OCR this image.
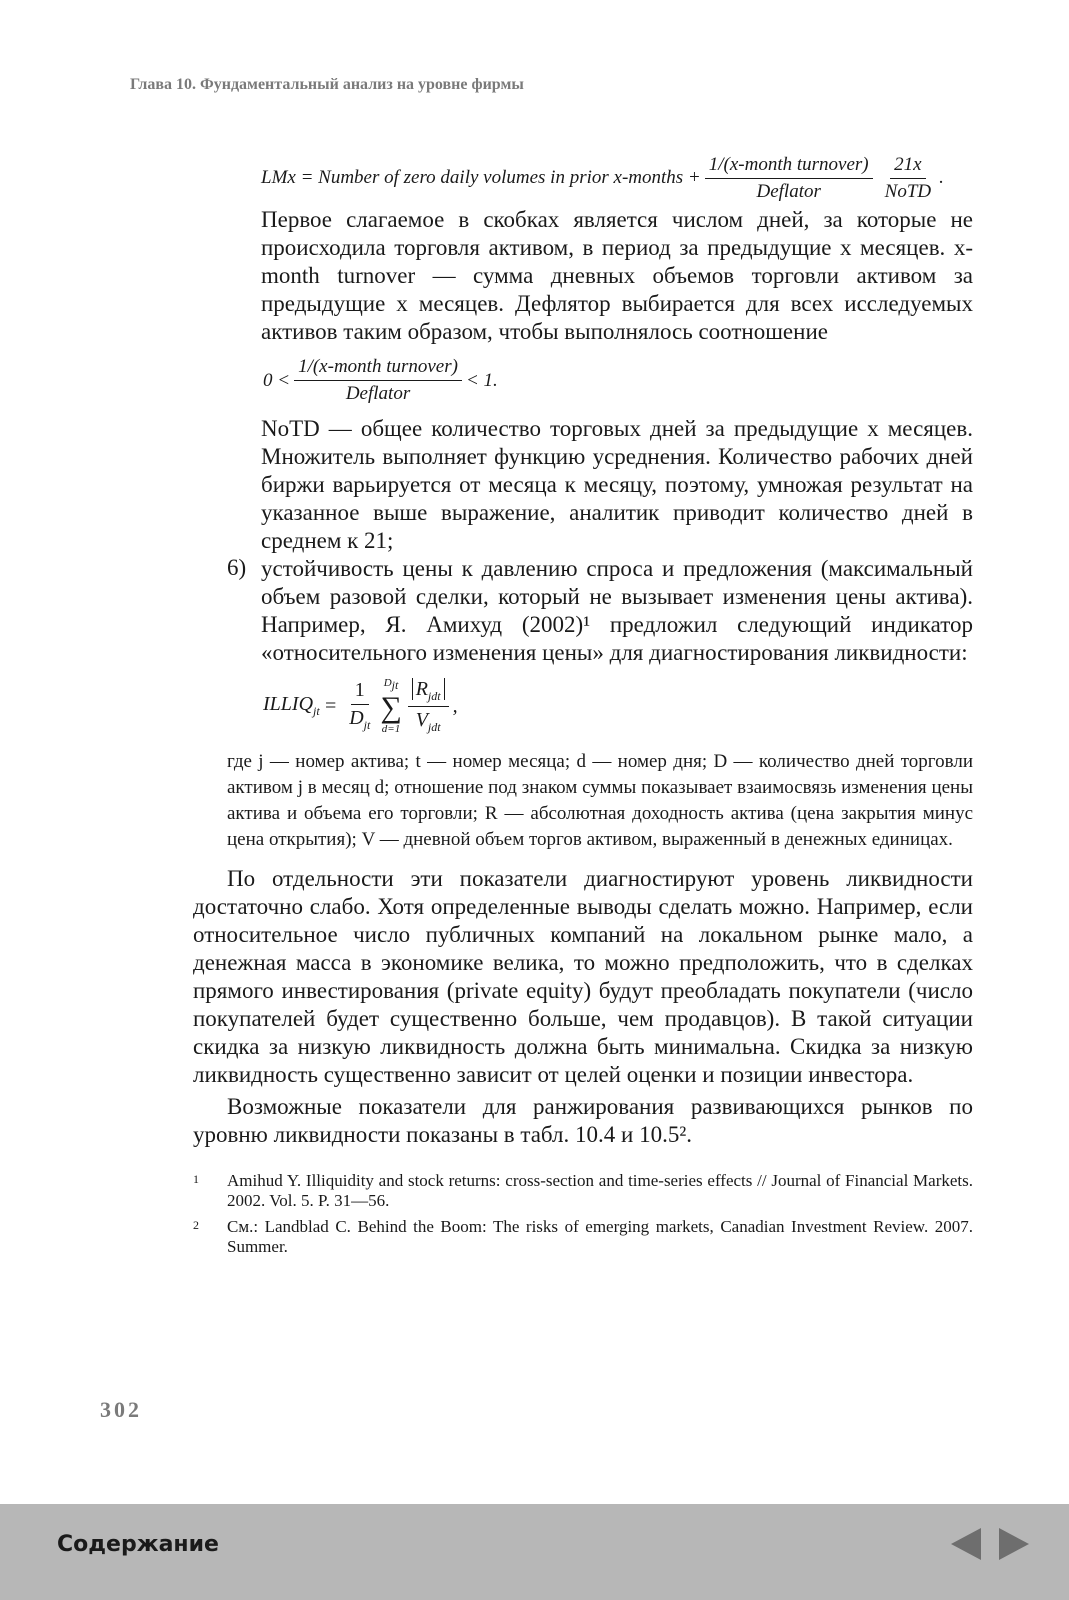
Глава 10. Фундаментальный анализ на уровне фирмы
LMx = Number of zero daily volumes in prior x-months + $\frac{\text{1/(x-month turnover)}}{\text{Deflator}} \frac{21x}{\text{NoTD}}$ .

Первое слагаемое в скобках является числом дней, за которые не происходила торговля активом, в период за предыдущие x месяцев. x-month turnover — сумма дневных объемов торговли активом за предыдущие x месяцев. Дефлятор выбирается для всех исследуемых активов таким образом, чтобы выполнялось соотношение

$0 < \frac{\text{1/(x-month turnover)}}{\text{Deflator}} < 1$.

NoTD — общее количество торговых дней за предыдущие x месяцев. Множитель выполняет функцию усреднения. Количество рабочих дней биржи варьируется от месяца к месяцу, поэтому, умножая результат на указанное выше выражение, аналитик приводит количество дней в среднем к 21;

6) устойчивость цены к давлению спроса и предложения (максимальный объем разовой сделки, который не вызывает изменения цены актива). Например, Я. Амихуд (2002)¹ предложил следующий индикатор «относительного изменения цены» для диагностирования ликвидности:

$ILLIQ_{jt} = \frac{1}{D_{jt}} D_{jt}$
∑
$d=1 \frac{R_{jdt}}{V_{jdt}}$ ,
где j — номер актива; t — номер месяца; d — номер дня; D — количество дней торговли активом j в месяц d; отношение под знаком суммы показывает взаимосвязь изменения цены актива и объема его торговли; R — абсолютная доходность актива (цена закрытия минус цена открытия); V — дневной объем торгов активом, выраженный в денежных единицах.

По отдельности эти показатели диагностируют уровень ликвидности достаточно слабо. Хотя определенные выводы сделать можно. Например, если относительное число публичных компаний на локальном рынке мало, а денежная масса в экономике велика, то можно предположить, что в сделках прямого инвестирования (private equity) будут преобладать покупатели (число покупателей будет существенно больше, чем продавцов). В такой ситуации скидка за низкую ликвидность должна быть минимальна. Скидка за низкую ликвидность существенно зависит от целей оценки и позиции инвестора.

Возможные показатели для ранжирования развивающихся рынков по уровню ликвидности показаны в табл. 10.4 и 10.5².

1 Amihud Y. Illiquidity and stock returns: cross-section and time-series effects // Journal of Financial Markets. 2002. Vol. 5. P. 31—56.
2 См.: Landblad C. Behind the Boom: The risks of emerging markets, Canadian Investment Review. 2007. Summer.
302
Содержание
